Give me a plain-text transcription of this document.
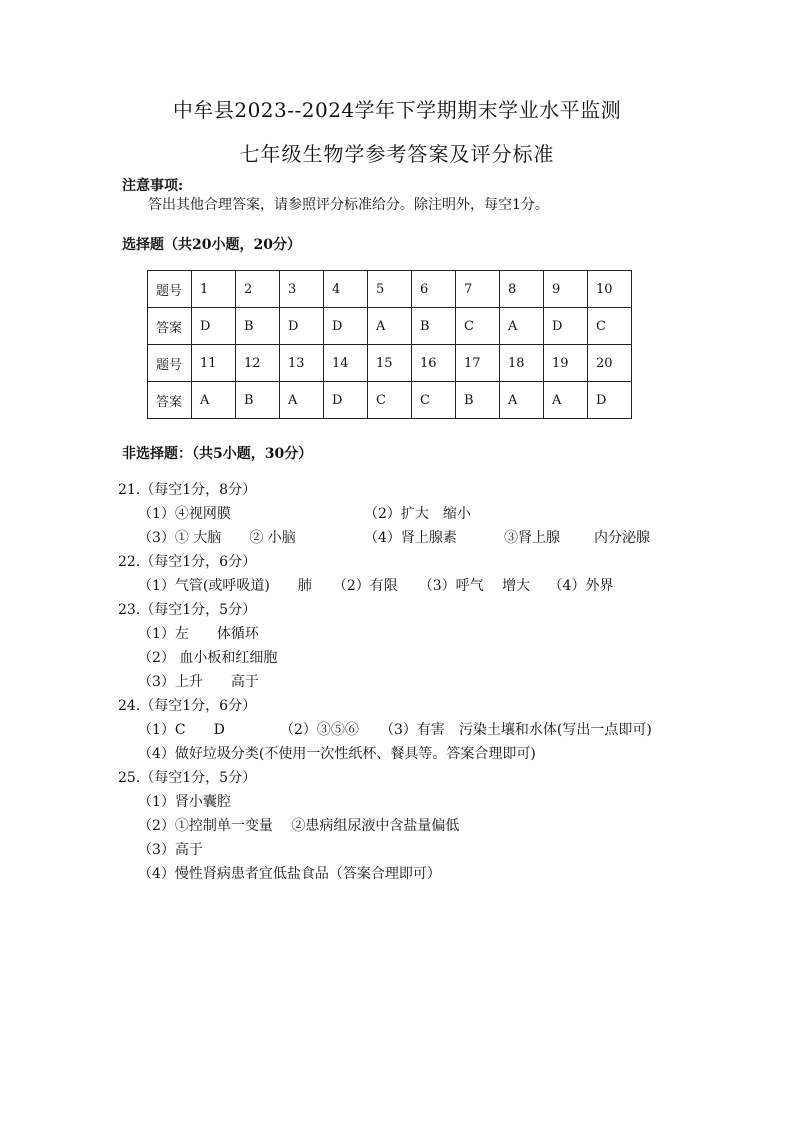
中牟县2023--2024学年下学期期末学业水平监测
七年级生物学参考答案及评分标准
注意事项:
答出其他合理答案，请参照评分标准给分。除注明外，每空1分。
选择题（共20小题，20分）
题号	1	2	3	4	5	6	7	8	9	10
答案	D	B	D	D	A	B	C	A	D	C
题号	11	12	13	14	15	16	17	18	19	20
答案	A	B	A	D	C	C	B	A	A	D
非选择题：（共5小题，30分）
21.（每空1分，8分）
（1）④视网膜	（2）扩大　缩小
（3）① 大脑　　② 小脑	（4）肾上腺素	③肾上腺 内分泌腺
22.（每空1分，6分）
（1）气管(或呼吸道)　　肺　　（2）有限　　（3）呼气　 增大　 （4）外界
23.（每空1分，5分）
（1）左　　体循环
（2） 血小板和红细胞
（3）上升　　高于
24.（每空1分，6分）
（1）C　　D	（2）③⑤⑥ （3）有害　污染土壤和水体(写出一点即可)
（4）做好垃圾分类(不使用一次性纸杯、餐具等。答案合理即可)
25.（每空1分，5分）
（1）肾小囊腔
（2）①控制单一变量　 ②患病组尿液中含盐量偏低
（3）高于
（4）慢性肾病患者宜低盐食品（答案合理即可）
